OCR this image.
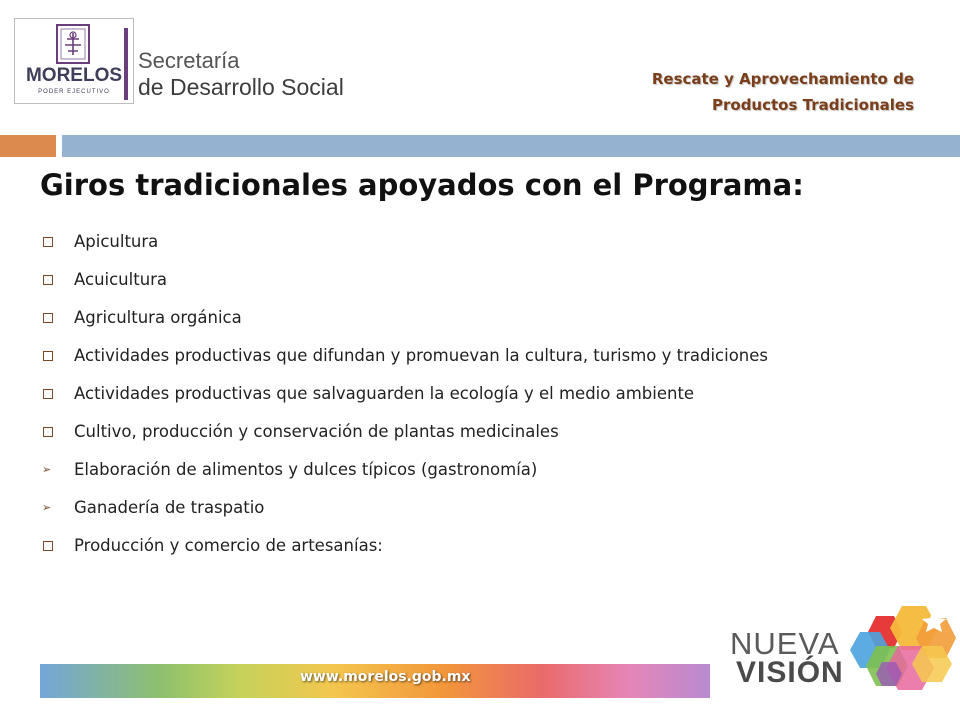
MORELOS
PODER EJECUTIVO
Secretaría
de Desarrollo Social	Rescate y Aprovechamiento de
Productos Tradicionales
Giros tradicionales apoyados con el Programa:
Apicultura
Acuicultura
Agricultura orgánica
Actividades productivas que difundan y promuevan la cultura, turismo y tradiciones
Actividades productivas que salvaguarden la ecología y el medio ambiente
Cultivo, producción y conservación de plantas medicinales
➢ Elaboración de alimentos y dulces típicos (gastronomía)
➢ Ganadería de traspatio
Producción y comercio de artesanías:
www.morelos.gob.mx
NUEVA
VISIÓN
